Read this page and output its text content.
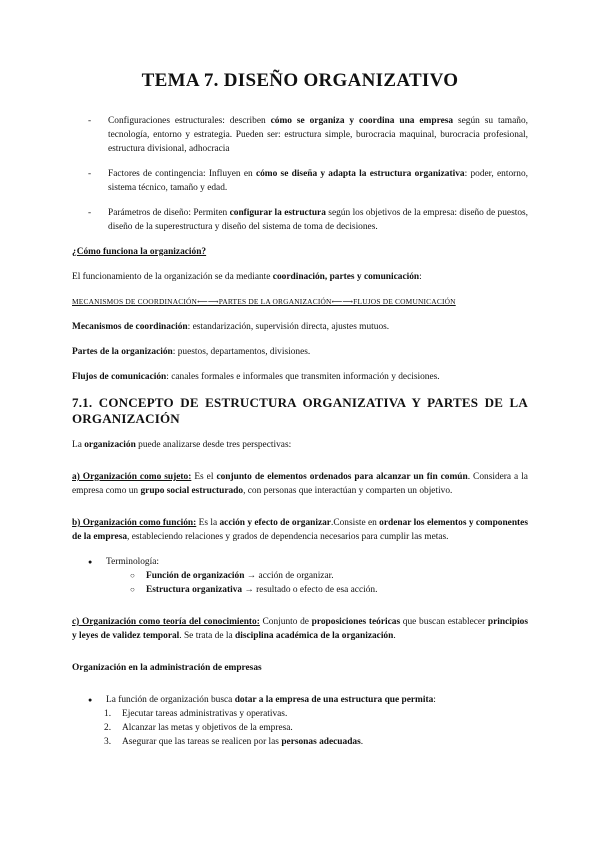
TEMA 7. DISEÑO ORGANIZATIVO
- Configuraciones estructurales: describen cómo se organiza y coordina una empresa según su tamaño, tecnología, entorno y estrategia. Pueden ser: estructura simple, burocracia maquinal, burocracia profesional, estructura divisional, adhocracia
- Factores de contingencia: Influyen en cómo se diseña y adapta la estructura organizativa: poder, entorno, sistema técnico, tamaño y edad.
- Parámetros de diseño: Permiten configurar la estructura según los objetivos de la empresa: diseño de puestos, diseño de la superestructura y diseño del sistema de toma de decisiones.

¿Cómo funciona la organización?

El funcionamiento de la organización se da mediante coordinación, partes y comunicación:

MECANISMOS DE COORDINACIÓN⟵⟶PARTES DE LA ORGANIZACIÓN⟵⟶FLUJOS DE COMUNICACIÓN

Mecanismos de coordinación: estandarización, supervisión directa, ajustes mutuos.

Partes de la organización: puestos, departamentos, divisiones.

Flujos de comunicación: canales formales e informales que transmiten información y decisiones.

7.1. CONCEPTO DE ESTRUCTURA ORGANIZATIVA Y PARTES DE LA ORGANIZACIÓN

La organización puede analizarse desde tres perspectivas:

a) Organización como sujeto: Es el conjunto de elementos ordenados para alcanzar un fin común. Considera a la empresa como un grupo social estructurado, con personas que interactúan y comparten un objetivo.

b) Organización como función: Es la acción y efecto de organizar.Consiste en ordenar los elementos y componentes de la empresa, estableciendo relaciones y grados de dependencia necesarios para cumplir las metas.

● Terminología:
○ Función de organización → acción de organizar.
○ Estructura organizativa → resultado o efecto de esa acción.

c) Organización como teoría del conocimiento: Conjunto de proposiciones teóricas que buscan establecer principios y leyes de validez temporal. Se trata de la disciplina académica de la organización.

Organización en la administración de empresas

● La función de organización busca dotar a la empresa de una estructura que permita:
1. Ejecutar tareas administrativas y operativas.
2. Alcanzar las metas y objetivos de la empresa.
3. Asegurar que las tareas se realicen por las personas adecuadas.
